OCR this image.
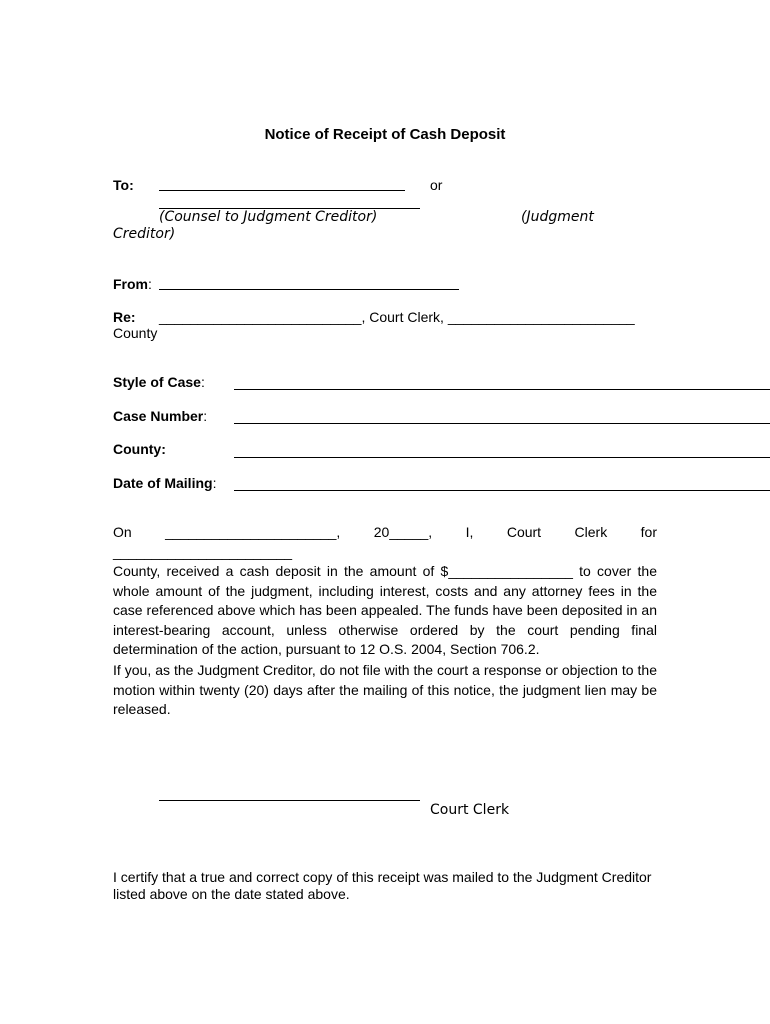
Notice of Receipt of Cash Deposit
To:	or
(Counsel to Judgment Creditor)	(Judgment
Creditor)
From:
Re: __________________________, Court Clerk, ________________________
County
Style of Case:
Case Number:
County:
Date of Mailing:

On ______________________, 20_____, I, Court Clerk for _______________________

County, received a cash deposit in the amount of $________________ to cover the whole amount of the judgment, including interest, costs and any attorney fees in the case referenced above which has been appealed. The funds have been deposited in an interest-bearing account, unless otherwise ordered by the court pending final determination of the action, pursuant to 12 O.S. 2004, Section 706.2.

If you, as the Judgment Creditor, do not file with the court a response or objection to the motion within twenty (20) days after the mailing of this notice, the judgment lien may be released.

Court Clerk
I certify that a true and correct copy of this receipt was mailed to the Judgment Creditor
listed above on the date stated above.
